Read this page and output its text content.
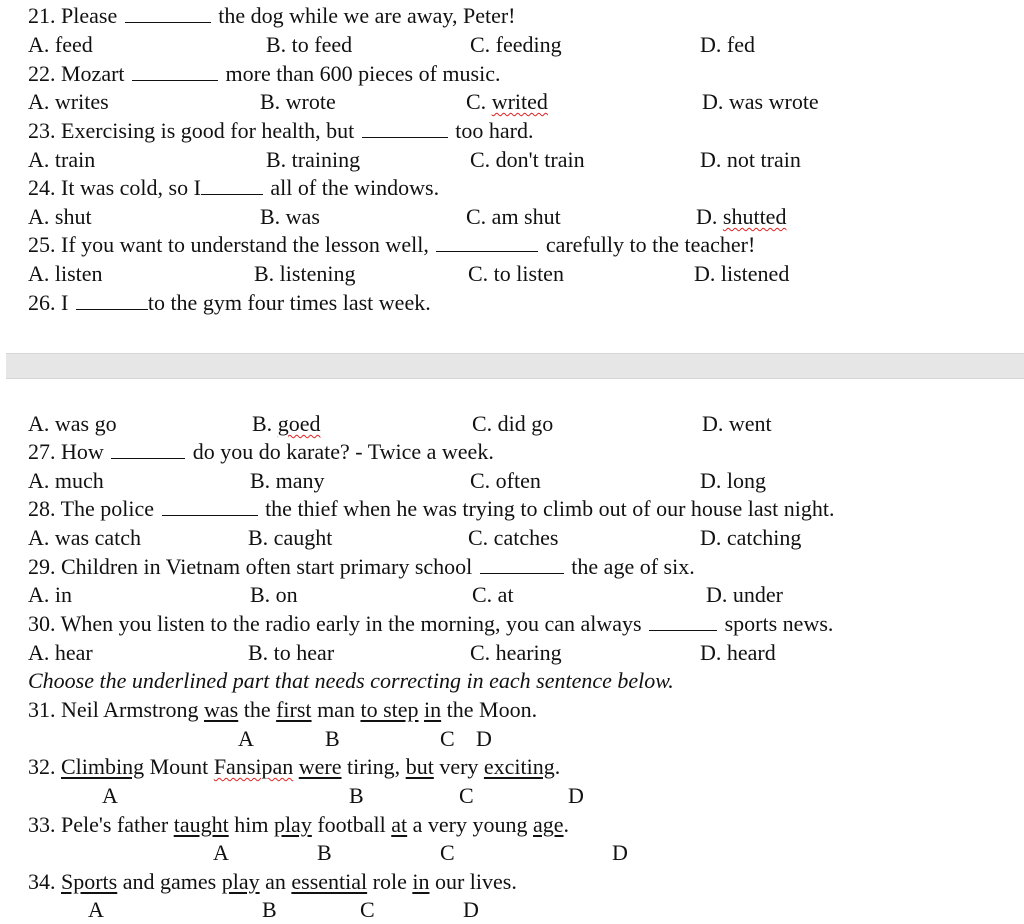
21. Please	the dog while we are away, Peter!
A. feed	B. to feed	C. feeding	D. fed
22. Mozart	more than 600 pieces of music.
A. writes	B. wrote	C. writed	D. was wrote
23. Exercising is good for health, but	too hard.
A. train	B. training	C. don't train	D. not train
24. It was cold, so I	all of the windows.
A. shut	B. was	C. am shut	D. shutted
25. If you want to understand the lesson well,	carefully to the teacher!
A. listen	B. listening	C. to listen	D. listened
26. I	to the gym four times last week.
A. was go	B. goed	C. did go	D. went
27. How	do you do karate? - Twice a week.
A. much	B. many	C. often	D. long
28. The police	the thief when he was trying to climb out of our house last night.
A. was catch	B. caught	C. catches	D. catching
29. Children in Vietnam often start primary school	the age of six.
A. in	B. on	C. at	D. under
30. When you listen to the radio early in the morning, you can always	sports news.
A. hear	B. to hear	C. hearing	D. heard
Choose the underlined part that needs correcting in each sentence below.
31. Neil Armstrong was the first man to step in the Moon.
A	B	C D
32. Climbing Mount Fansipan were tiring, but very exciting.
A	B	C	D
33. Pele's father taught him play football at a very young age.
A	B	C	D
34. Sports and games play an essential role in our lives.
A	B	C	D
